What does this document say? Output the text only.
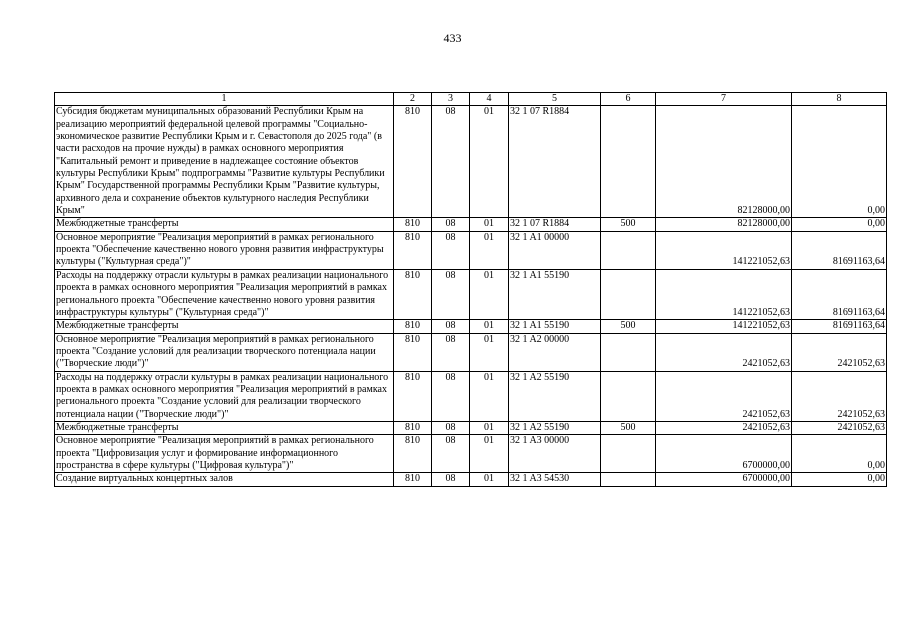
433
1	2	3	4	5	6	7	8
Субсидия бюджетам муниципальных образований Республики Крым на реализацию мероприятий федеральной целевой программы "Социально-экономическое развитие Республики Крым и г. Севастополя до 2025 года" (в части расходов на прочие нужды) в рамках основного мероприятия "Капитальный ремонт и приведение в надлежащее состояние объектов культуры Республики Крым" подпрограммы "Развитие культуры Республики Крым" Государственной программы Республики Крым "Развитие культуры, архивного дела и сохранение объектов культурного наследия Республики Крым"	810	08	01	32 1 07 R1884		82128000,00	0,00
Межбюджетные трансферты	810	08	01	32 1 07 R1884	500	82128000,00	0,00
Основное мероприятие "Реализация мероприятий в рамках регионального проекта "Обеспечение качественно нового уровня развития инфраструктуры культуры ("Культурная среда")"	810	08	01	32 1 A1 00000		141221052,63	81691163,64
Расходы на поддержку отрасли культуры в рамках реализации национального проекта в рамках основного мероприятия "Реализация мероприятий в рамках регионального проекта "Обеспечение качественно нового уровня развития инфраструктуры культуры" ("Культурная среда")"	810	08	01	32 1 A1 55190		141221052,63	81691163,64
Межбюджетные трансферты	810	08	01	32 1 A1 55190	500	141221052,63	81691163,64
Основное мероприятие "Реализация мероприятий в рамках регионального проекта "Создание условий для реализации творческого потенциала нации ("Творческие люди")"	810	08	01	32 1 A2 00000		2421052,63	2421052,63
Расходы на поддержку отрасли культуры в рамках реализации национального проекта в рамках основного мероприятия "Реализация мероприятий в рамках регионального проекта "Создание условий для реализации творческого потенциала нации ("Творческие люди")"	810	08	01	32 1 A2 55190		2421052,63	2421052,63
Межбюджетные трансферты	810	08	01	32 1 A2 55190	500	2421052,63	2421052,63
Основное мероприятие "Реализация мероприятий в рамках регионального проекта "Цифровизация услуг и формирование информационного пространства в сфере культуры ("Цифровая культура")"	810	08	01	32 1 A3 00000		6700000,00	0,00
Создание виртуальных концертных залов	810	08	01	32 1 A3 54530		6700000,00	0,00
